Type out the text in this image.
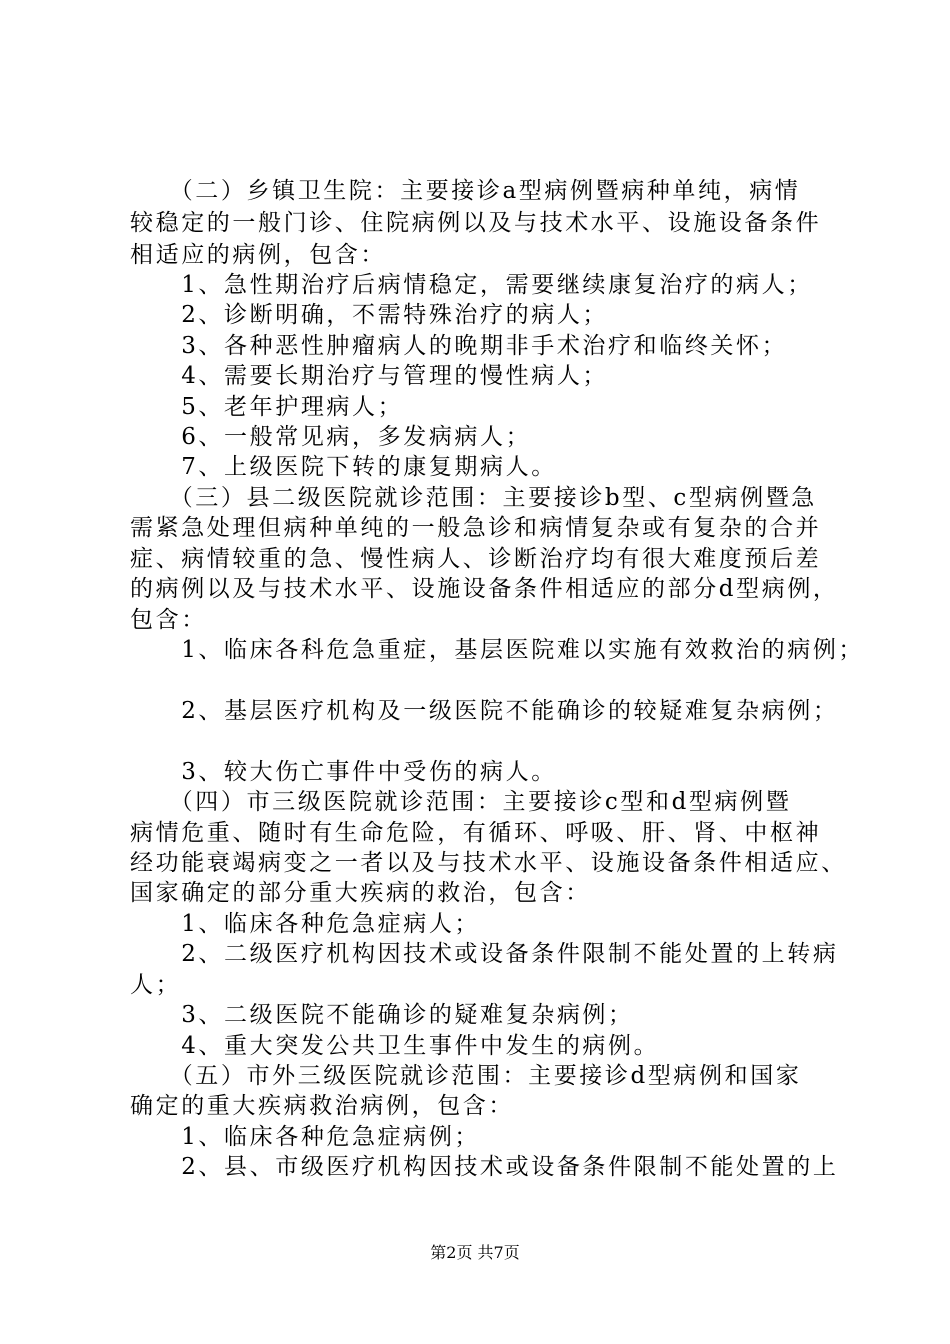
　　（二）乡镇卫生院：主要接诊a型病例暨病种单纯，病情
较稳定的一般门诊、住院病例以及与技术水平、设施设备条件
相适应的病例，包含：
　　1、急性期治疗后病情稳定，需要继续康复治疗的病人；
　　2、诊断明确，不需特殊治疗的病人；
　　3、各种恶性肿瘤病人的晚期非手术治疗和临终关怀；
　　4、需要长期治疗与管理的慢性病人；
　　5、老年护理病人；
　　6、一般常见病，多发病病人；
　　7、上级医院下转的康复期病人。
　　（三）县二级医院就诊范围：主要接诊b型、c型病例暨急
需紧急处理但病种单纯的一般急诊和病情复杂或有复杂的合并
症、病情较重的急、慢性病人、诊断治疗均有很大难度预后差
的病例以及与技术水平、设施设备条件相适应的部分d型病例，
包含：
　　1、临床各科危急重症，基层医院难以实施有效救治的病例；
　　2、基层医疗机构及一级医院不能确诊的较疑难复杂病例；
　　3、较大伤亡事件中受伤的病人。
　　（四）市三级医院就诊范围：主要接诊c型和d型病例暨
病情危重、随时有生命危险，有循环、呼吸、肝、肾、中枢神
经功能衰竭病变之一者以及与技术水平、设施设备条件相适应、
国家确定的部分重大疾病的救治，包含：
　　1、临床各种危急症病人；
　　2、二级医疗机构因技术或设备条件限制不能处置的上转病
人；
　　3、二级医院不能确诊的疑难复杂病例；
　　4、重大突发公共卫生事件中发生的病例。
　　（五）市外三级医院就诊范围：主要接诊d型病例和国家
确定的重大疾病救治病例，包含：
　　1、临床各种危急症病例；
　　2、县、市级医疗机构因技术或设备条件限制不能处置的上
第2页 共7页
